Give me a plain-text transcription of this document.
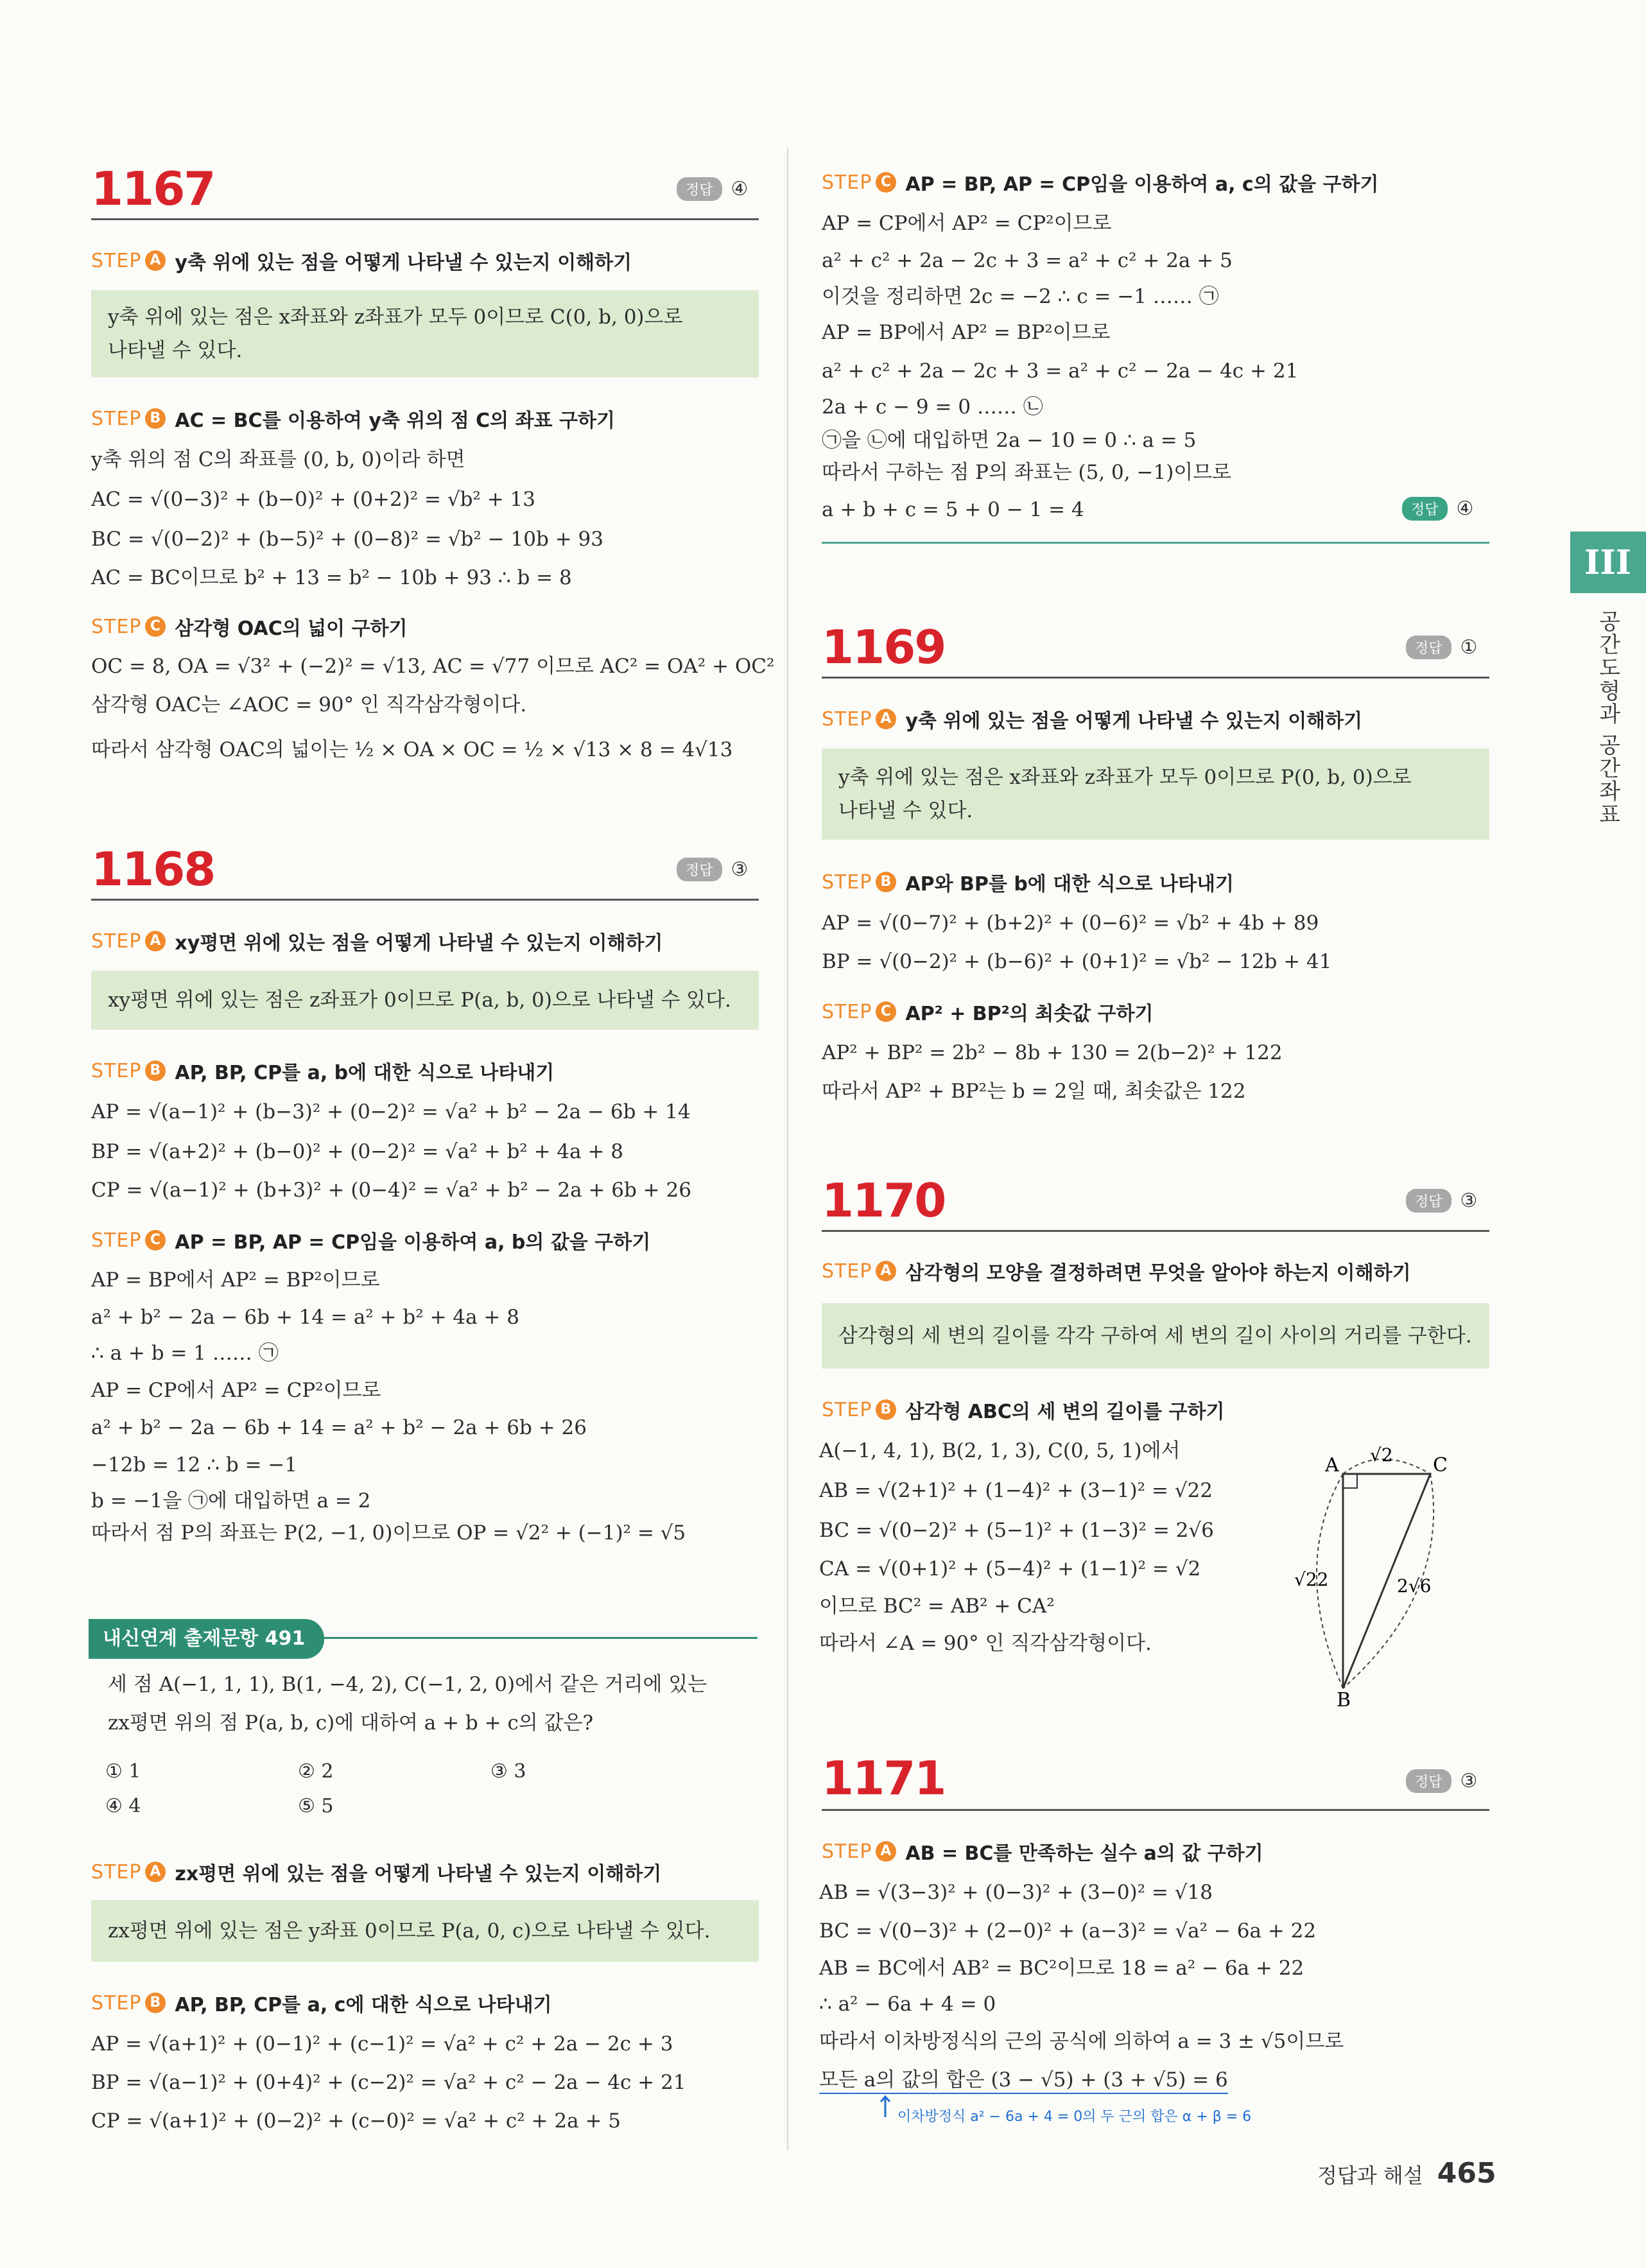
1167	정답 ④
STEP A y축 위에 있는 점을 어떻게 나타낼 수 있는지 이해하기
y축 위에 있는 점은 x좌표와 z좌표가 모두 0이므로 C(0, b, 0)으로
나타낼 수 있다.
STEP B AC = BC를 이용하여 y축 위의 점 C의 좌표 구하기
y축 위의 점 C의 좌표를 (0, b, 0)이라 하면
AC = √(0−3)² + (b−0)² + (0+2)² = √b² + 13
BC = √(0−2)² + (b−5)² + (0−8)² = √b² − 10b + 93
AC = BC이므로 b² + 13 = b² − 10b + 93 ∴ b = 8
STEP C 삼각형 OAC의 넓이 구하기
OC = 8, OA = √3² + (−2)² = √13, AC = √77 이므로 AC² = OA² + OC²
삼각형 OAC는 ∠AOC = 90° 인 직각삼각형이다.
따라서 삼각형 OAC의 넓이는 ½ × OA × OC = ½ × √13 × 8 = 4√13
1168	정답 ③
STEP A xy평면 위에 있는 점을 어떻게 나타낼 수 있는지 이해하기
xy평면 위에 있는 점은 z좌표가 0이므로 P(a, b, 0)으로 나타낼 수 있다.
STEP B AP, BP, CP를 a, b에 대한 식으로 나타내기
AP = √(a−1)² + (b−3)² + (0−2)² = √a² + b² − 2a − 6b + 14
BP = √(a+2)² + (b−0)² + (0−2)² = √a² + b² + 4a + 8
CP = √(a−1)² + (b+3)² + (0−4)² = √a² + b² − 2a + 6b + 26
STEP C AP = BP, AP = CP임을 이용하여 a, b의 값을 구하기
AP = BP에서 AP² = BP²이므로
a² + b² − 2a − 6b + 14 = a² + b² + 4a + 8
∴ a + b = 1 …… ㉠
AP = CP에서 AP² = CP²이므로
a² + b² − 2a − 6b + 14 = a² + b² − 2a + 6b + 26
−12b = 12 ∴ b = −1
b = −1을 ㉠에 대입하면 a = 2
따라서 점 P의 좌표는 P(2, −1, 0)이므로 OP = √2² + (−1)² = √5
내신연계 출제문항 491
세 점 A(−1, 1, 1), B(1, −4, 2), C(−1, 2, 0)에서 같은 거리에 있는
zx평면 위의 점 P(a, b, c)에 대하여 a + b + c의 값은?
① 1	② 2	③ 3
④ 4	⑤ 5
STEP A zx평면 위에 있는 점을 어떻게 나타낼 수 있는지 이해하기
zx평면 위에 있는 점은 y좌표 0이므로 P(a, 0, c)으로 나타낼 수 있다.
STEP B AP, BP, CP를 a, c에 대한 식으로 나타내기
AP = √(a+1)² + (0−1)² + (c−1)² = √a² + c² + 2a − 2c + 3
BP = √(a−1)² + (0+4)² + (c−2)² = √a² + c² − 2a − 4c + 21
CP = √(a+1)² + (0−2)² + (c−0)² = √a² + c² + 2a + 5
STEP C AP = BP, AP = CP임을 이용하여 a, c의 값을 구하기
AP = CP에서 AP² = CP²이므로
a² + c² + 2a − 2c + 3 = a² + c² + 2a + 5
이것을 정리하면 2c = −2 ∴ c = −1 …… ㉠
AP = BP에서 AP² = BP²이므로
a² + c² + 2a − 2c + 3 = a² + c² − 2a − 4c + 21
2a + c − 9 = 0 …… ㉡
㉠을 ㉡에 대입하면 2a − 10 = 0 ∴ a = 5
따라서 구하는 점 P의 좌표는 (5, 0, −1)이므로
a + b + c = 5 + 0 − 1 = 4	정답 ④
1169	정답 ①
STEP A y축 위에 있는 점을 어떻게 나타낼 수 있는지 이해하기
y축 위에 있는 점은 x좌표와 z좌표가 모두 0이므로 P(0, b, 0)으로
나타낼 수 있다.
STEP B AP와 BP를 b에 대한 식으로 나타내기
AP = √(0−7)² + (b+2)² + (0−6)² = √b² + 4b + 89
BP = √(0−2)² + (b−6)² + (0+1)² = √b² − 12b + 41
STEP C AP² + BP²의 최솟값 구하기
AP² + BP² = 2b² − 8b + 130 = 2(b−2)² + 122
따라서 AP² + BP²는 b = 2일 때, 최솟값은 122
1170	정답 ③
STEP A 삼각형의 모양을 결정하려면 무엇을 알아야 하는지 이해하기
삼각형의 세 변의 길이를 각각 구하여 세 변의 길이 사이의 거리를 구한다.
STEP B 삼각형 ABC의 세 변의 길이를 구하기
A(−1, 4, 1), B(2, 1, 3), C(0, 5, 1)에서
AB = √(2+1)² + (1−4)² + (3−1)² = √22
BC = √(0−2)² + (5−1)² + (1−3)² = 2√6
CA = √(0+1)² + (5−4)² + (1−1)² = √2
이므로 BC² = AB² + CA²
따라서 ∠A = 90° 인 직각삼각형이다.
A	C
B
√2
√22	2√6
1171	정답 ③
STEP A AB = BC를 만족하는 실수 a의 값 구하기
AB = √(3−3)² + (0−3)² + (3−0)² = √18
BC = √(0−3)² + (2−0)² + (a−3)² = √a² − 6a + 22
AB = BC에서 AB² = BC²이므로 18 = a² − 6a + 22
∴ a² − 6a + 4 = 0
따라서 이차방정식의 근의 공식에 의하여 a = 3 ± √5이므로
모든 a의 값의 합은 (3 − √5) + (3 + √5) = 6
이차방정식 a² − 6a + 4 = 0의 두 근의 합은 α + β = 6
III
공간도형과 공간좌표
정답과 해설 465
